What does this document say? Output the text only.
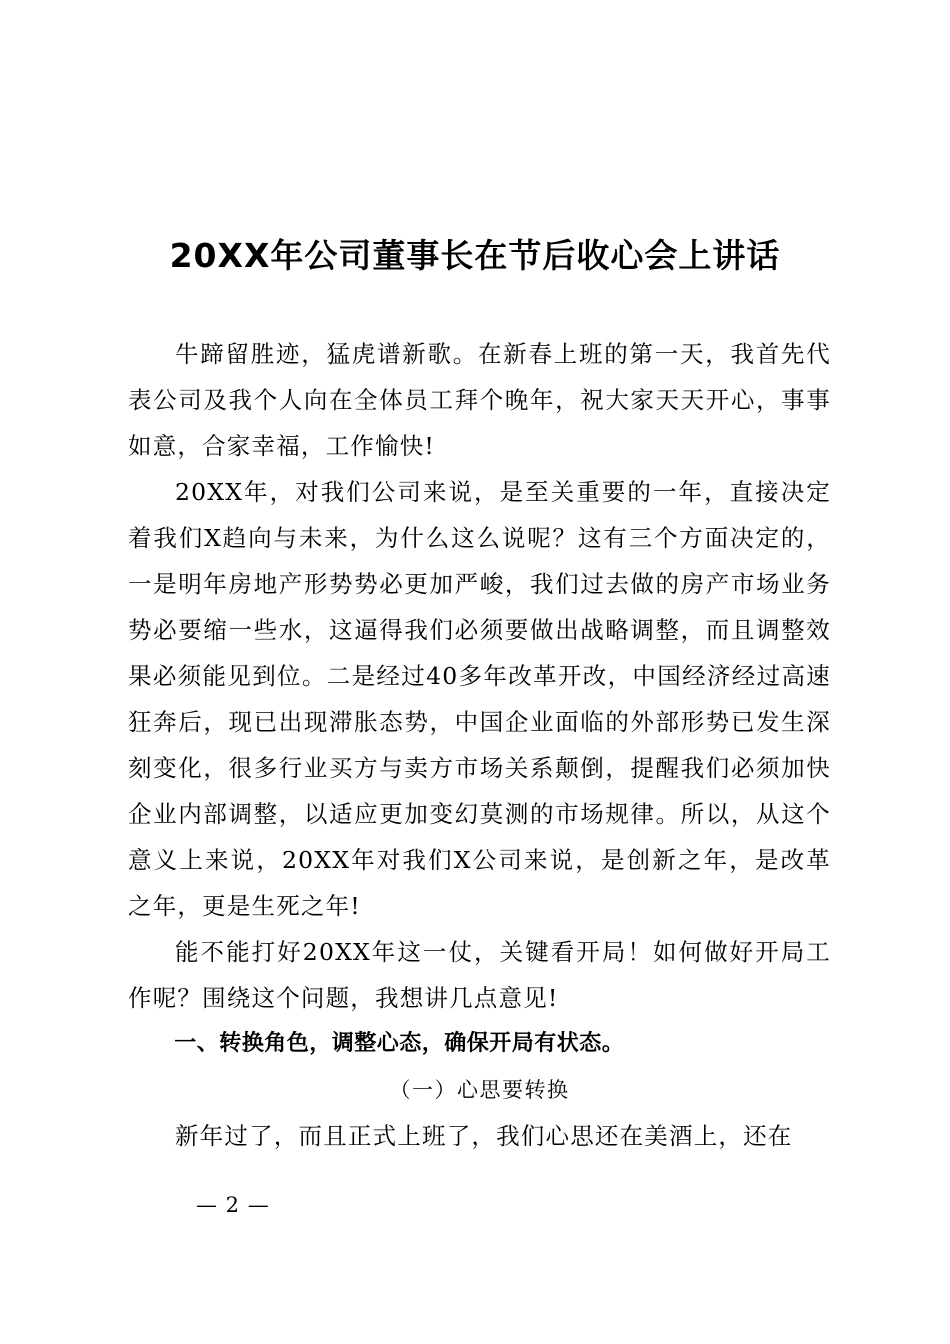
20XX年公司董事长在节后收心会上讲话

牛蹄留胜迹，猛虎谱新歌。在新春上班的第一天，我首先代表公司及我个人向在全体员工拜个晚年，祝大家天天开心，事事如意，合家幸福，工作愉快!

20XX年，对我们公司来说，是至关重要的一年，直接决定着我们X趋向与未来，为什么这么说呢？这有三个方面决定的，一是明年房地产形势势必更加严峻，我们过去做的房产市场业务势必要缩一些水，这逼得我们必须要做出战略调整，而且调整效果必须能见到位。二是经过40多年改革开改，中国经济经过高速狂奔后，现已出现滞胀态势，中国企业面临的外部形势已发生深刻变化，很多行业买方与卖方市场关系颠倒，提醒我们必须加快企业内部调整，以适应更加变幻莫测的市场规律。所以，从这个意义上来说，20XX年对我们X公司来说，是创新之年，是改革之年，更是生死之年!

能不能打好20XX年这一仗，关键看开局！如何做好开局工作呢？围绕这个问题，我想讲几点意见!

一、转换角色，调整心态，确保开局有状态。

（一）心思要转换

新年过了，而且正式上班了，我们心思还在美酒上，还在

— 2 —
